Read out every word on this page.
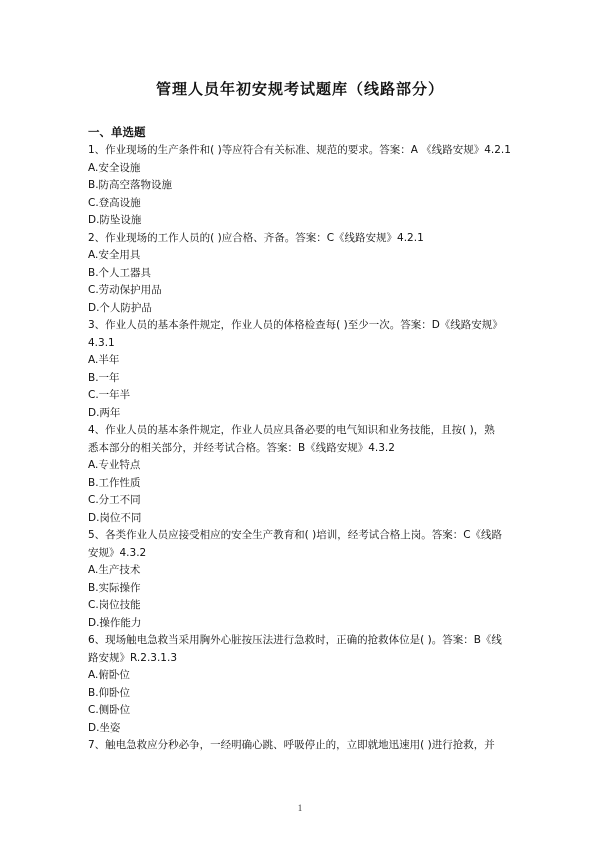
管理人员年初安规考试题库（线路部分）
一、单选题
1、作业现场的生产条件和( )等应符合有关标准、规范的要求。答案：A 《线路安规》4.2.1
A.安全设施
B.防高空落物设施
C.登高设施
D.防坠设施
2、作业现场的工作人员的( )应合格、齐备。答案：C《线路安规》4.2.1
A.安全用具
B.个人工器具
C.劳动保护用品
D.个人防护品
3、作业人员的基本条件规定，作业人员的体格检查每( )至少一次。答案：D《线路安规》
4.3.1
A.半年
B.一年
C.一年半
D.两年
4、作业人员的基本条件规定，作业人员应具备必要的电气知识和业务技能，且按( )，熟
悉本部分的相关部分，并经考试合格。答案：B《线路安规》4.3.2
A.专业特点
B.工作性质
C.分工不同
D.岗位不同
5、各类作业人员应接受相应的安全生产教育和( )培训，经考试合格上岗。答案：C《线路
安规》4.3.2
A.生产技术
B.实际操作
C.岗位技能
D.操作能力
6、现场触电急救当采用胸外心脏按压法进行急救时，正确的抢救体位是( )。答案：B《线
路安规》R.2.3.1.3
A.俯卧位
B.仰卧位
C.侧卧位
D.坐姿
7、触电急救应分秒必争，一经明确心跳、呼吸停止的，立即就地迅速用( )进行抢救，并
1
